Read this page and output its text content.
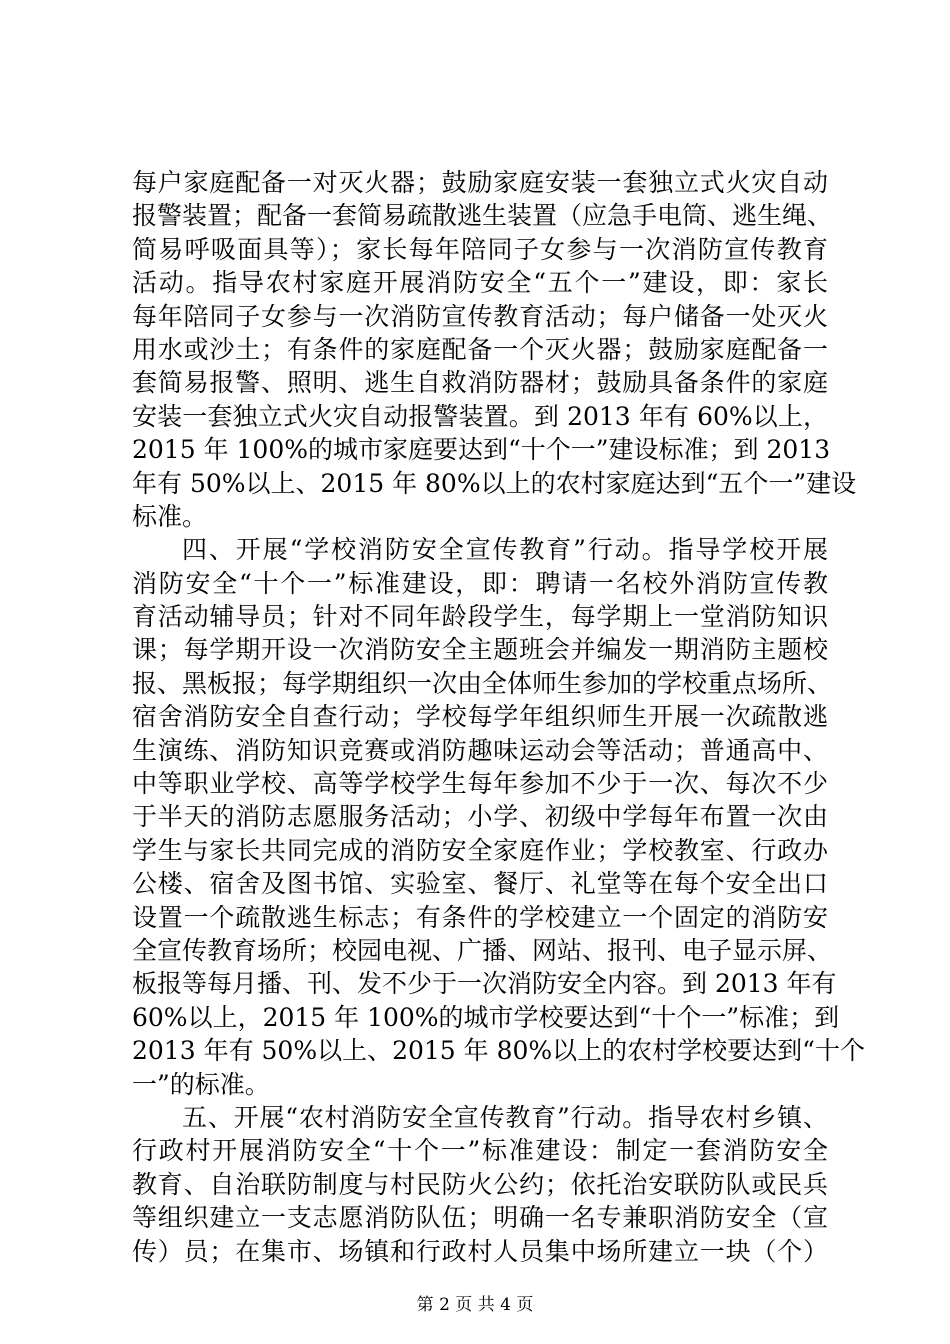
每户家庭配备一对灭火器；鼓励家庭安装一套独立式火灾自动
报警装置；配备一套简易疏散逃生装置（应急手电筒、逃生绳、
简易呼吸面具等）；家长每年陪同子女参与一次消防宣传教育
活动。指导农村家庭开展消防安全“五个一”建设，即：家长
每年陪同子女参与一次消防宣传教育活动；每户储备一处灭火
用水或沙土；有条件的家庭配备一个灭火器；鼓励家庭配备一
套简易报警、照明、逃生自救消防器材；鼓励具备条件的家庭
安装一套独立式火灾自动报警装置。到 2013 年有 60%以上，
2015 年 100%的城市家庭要达到“十个一”建设标准；到 2013
年有 50%以上、2015 年 80%以上的农村家庭达到“五个一”建设
标准。
四、开展“学校消防安全宣传教育”行动。指导学校开展
消防安全“十个一”标准建设，即：聘请一名校外消防宣传教
育活动辅导员；针对不同年龄段学生，每学期上一堂消防知识
课；每学期开设一次消防安全主题班会并编发一期消防主题校
报、黑板报；每学期组织一次由全体师生参加的学校重点场所、
宿舍消防安全自查行动；学校每学年组织师生开展一次疏散逃
生演练、消防知识竞赛或消防趣味运动会等活动；普通高中、
中等职业学校、高等学校学生每年参加不少于一次、每次不少
于半天的消防志愿服务活动；小学、初级中学每年布置一次由
学生与家长共同完成的消防安全家庭作业；学校教室、行政办
公楼、宿舍及图书馆、实验室、餐厅、礼堂等在每个安全出口
设置一个疏散逃生标志；有条件的学校建立一个固定的消防安
全宣传教育场所；校园电视、广播、网站、报刊、电子显示屏、
板报等每月播、刊、发不少于一次消防安全内容。到 2013 年有
60%以上，2015 年 100%的城市学校要达到“十个一”标准；到
2013 年有 50%以上、2015 年 80%以上的农村学校要达到“十个
一”的标准。
五、开展“农村消防安全宣传教育”行动。指导农村乡镇、
行政村开展消防安全“十个一”标准建设：制定一套消防安全
教育、自治联防制度与村民防火公约；依托治安联防队或民兵
等组织建立一支志愿消防队伍；明确一名专兼职消防安全（宣
传）员；在集市、场镇和行政村人员集中场所建立一块（个）
第 2 页 共 4 页
